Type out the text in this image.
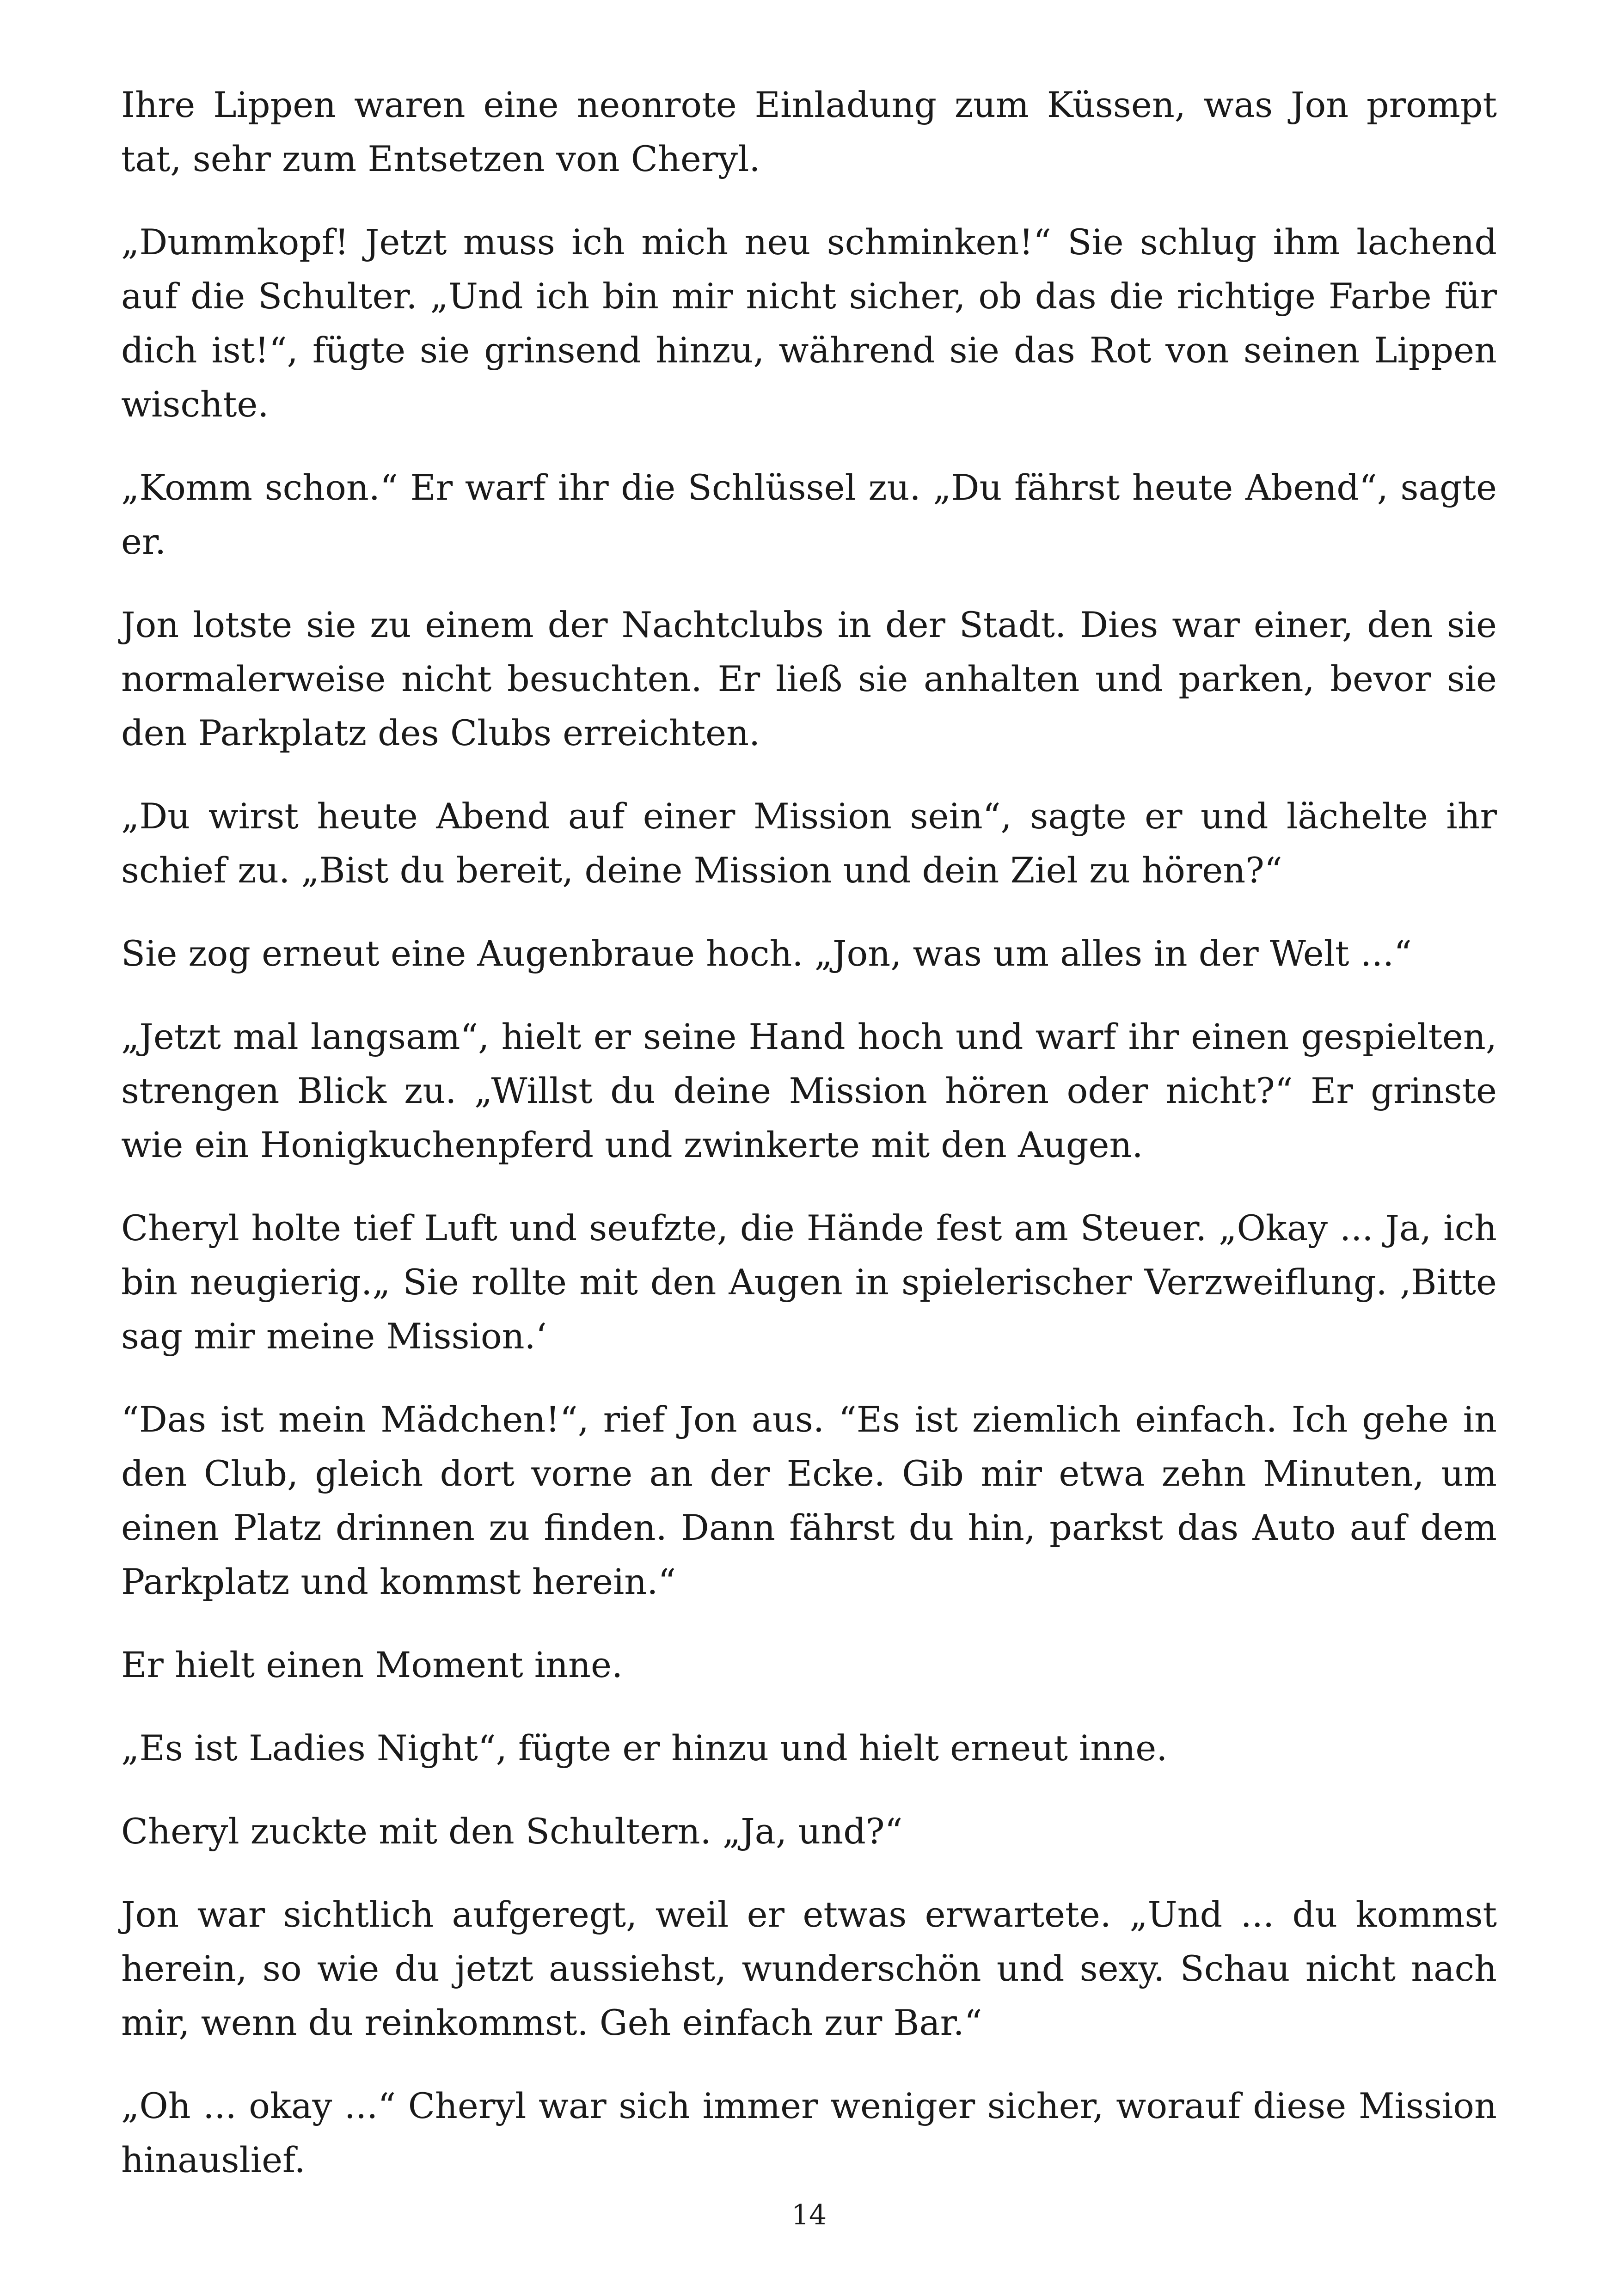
Ihre Lippen waren eine neonrote Einladung zum Küssen, was Jon prompt tat, sehr zum Entsetzen von Cheryl.

„Dummkopf! Jetzt muss ich mich neu schminken!“ Sie schlug ihm lachend auf die Schulter. „Und ich bin mir nicht sicher, ob das die richtige Farbe für dich ist!“, fügte sie grinsend hinzu, während sie das Rot von seinen Lippen wischte.

„Komm schon.“ Er warf ihr die Schlüssel zu. „Du fährst heute Abend“, sagte er.

Jon lotste sie zu einem der Nachtclubs in der Stadt. Dies war einer, den sie normalerweise nicht besuchten. Er ließ sie anhalten und parken, bevor sie den Parkplatz des Clubs erreichten.

„Du wirst heute Abend auf einer Mission sein“, sagte er und lächelte ihr schief zu. „Bist du bereit, deine Mission und dein Ziel zu hören?“

Sie zog erneut eine Augenbraue hoch. „Jon, was um alles in der Welt ...“

„Jetzt mal langsam“, hielt er seine Hand hoch und warf ihr einen gespielten, strengen Blick zu. „Willst du deine Mission hören oder nicht?“ Er grinste wie ein Honigkuchenpferd und zwinkerte mit den Augen.

Cheryl holte tief Luft und seufzte, die Hände fest am Steuer. „Okay ... Ja, ich bin neugierig.„ Sie rollte mit den Augen in spielerischer Verzweiflung. ‚Bitte sag mir meine Mission.‘

“Das ist mein Mädchen!“, rief Jon aus. “Es ist ziemlich einfach. Ich gehe in den Club, gleich dort vorne an der Ecke. Gib mir etwa zehn Minuten, um einen Platz drinnen zu finden. Dann fährst du hin, parkst das Auto auf dem Parkplatz und kommst herein.“

Er hielt einen Moment inne.

„Es ist Ladies Night“, fügte er hinzu und hielt erneut inne.

Cheryl zuckte mit den Schultern. „Ja, und?“

Jon war sichtlich aufgeregt, weil er etwas erwartete. „Und ... du kommst herein, so wie du jetzt aussiehst, wunderschön und sexy. Schau nicht nach mir, wenn du reinkommst. Geh einfach zur Bar.“

„Oh ... okay ...“ Cheryl war sich immer weniger sicher, worauf diese Mission hinauslief.

14
